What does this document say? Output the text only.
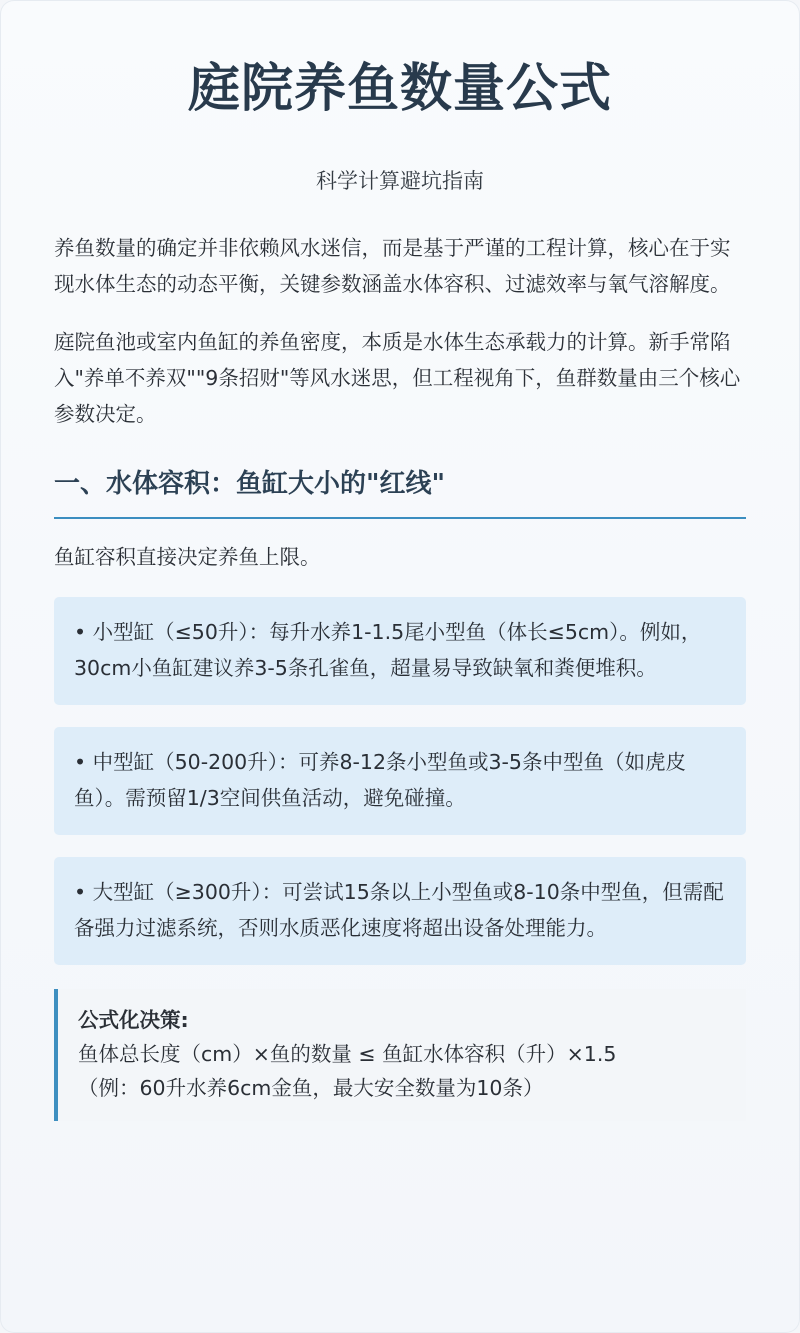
庭院养鱼数量公式

科学计算避坑指南

养鱼数量的确定并非依赖风水迷信，而是基于严谨的工程计算，核心在于实现水体生态的动态平衡，关键参数涵盖水体容积、过滤效率与氧气溶解度。

庭院鱼池或室内鱼缸的养鱼密度，本质是水体生态承载力的计算。新手常陷入"养单不养双""9条招财"等风水迷思，但工程视角下，鱼群数量由三个核心参数决定。

一、水体容积：鱼缸大小的"红线"

鱼缸容积直接决定养鱼上限。

• 小型缸（≤50升）：每升水养1-1.5尾小型鱼（体长≤5cm）。例如，30cm小鱼缸建议养3-5条孔雀鱼，超量易导致缺氧和粪便堆积。
• 中型缸（50-200升）：可养8-12条小型鱼或3-5条中型鱼（如虎皮鱼）。需预留1/3空间供鱼活动，避免碰撞。
• 大型缸（≥300升）：可尝试15条以上小型鱼或8-10条中型鱼，但需配备强力过滤系统，否则水质恶化速度将超出设备处理能力。
公式化决策:
鱼体总长度（cm）×鱼的数量 ≤ 鱼缸水体容积（升）×1.5
（例：60升水养6cm金鱼，最大安全数量为10条）
